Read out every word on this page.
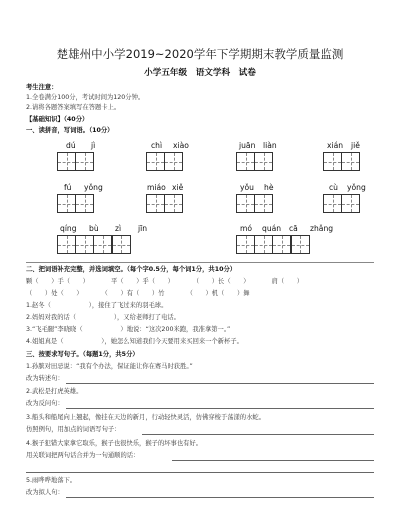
楚雄州中小学2019~2020学年下学期期末教学质量监测
小学五年级　语文学科　试卷
考生注意：
1.全卷满分100分，考试时间为120分钟。
2.请将各题答案填写在答题卡上。
【基础知识】（40分）
一、读拼音，写词语。（10分）
dú jì	chì xiào	juān liàn	xián jiě
fú yǒng	miáo xiě	yǒu hè	cù yǒng
qíng bù zì jīn	mó quán cā zhǎng
二、把词语补充完整，并选词填空。（每个字0.5分，每个词1分，共10分）
颗（　　）手（　　）　　　　平（　　）乎（　　）　　　　（　　）长（　　）　　　　肩（　　）
（　　）处（　　）　　　　（　　）有（　　）竹　　　　（　　）机（　　）舞
1.赵冬（　　　　　　），接住了飞过来的羽毛球。
2.妈妈对我的话（　　　　　　），又给老师打了电话。
3.“飞毛腿”李晓晓（　　　　　　）地说：“这次200米跑，我准拿第一。”
4.姐姐真是（　　　　　　），她怎么知道我们今天要用来买回来一个新杯子。
三、按要求写句子。（每题1分，共5分）
1.孙膑对田忌说：“我有个办法，保证能让你在赛马时获胜。”
改为转述句：
2.武松是打虎英雄。
改为反问句：
3.船头和船尾向上翘起，像挂在天边的新月，行动轻快灵活，仿佛穿梭于荡漾的水蛇。
仿照例句，用加点的词语写句子：
4.猴子犯错大家拿它取乐，猴子也很快乐，猴子的坏事也有好。
用关联词把两句话合并为一句通顺的话：
5.雨哗哗地落下。
改为拟人句：
